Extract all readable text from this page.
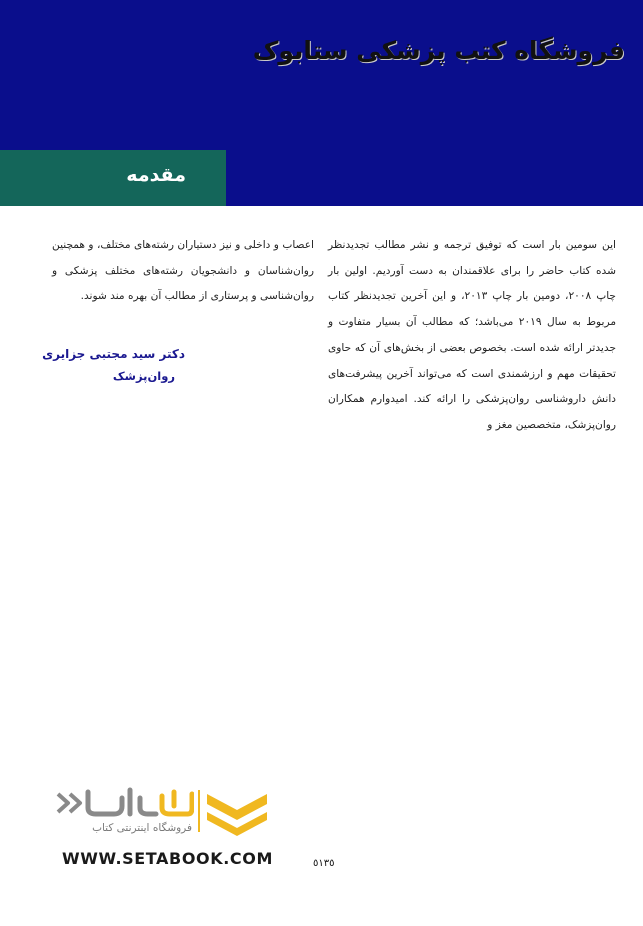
فروشگاه کتب پزشکی ستابوک
مقدمه

این سومین بار است که توفیق ترجمه و نشر مطالب تجدیدنظر شده کتاب حاضر را برای علاقمندان به دست آوردیم. اولین بار چاپ ۲۰۰۸، دومین بار چاپ ۲۰۱۳، و این آخرین تجدیدنظر کتاب مربوط به سال ۲۰۱۹ می‌باشد؛ که مطالب آن بسیار متفاوت و جدیدتر ارائه شده است. بخصوص بعضی از بخش‌های آن که حاوی تحقیقات مهم و ارزشمندی است که می‌تواند آخرین پیشرفت‌های دانش داروشناسی روان‌پزشکی را ارائه کند. امیدوارم همکاران روان‌پزشک، متخصصین مغز و

اعصاب و داخلی و نیز دستیاران رشته‌های مختلف، و همچنین روان‌شناسان و دانشجویان رشته‌های مختلف پزشکی و روان‌شناسی و پرستاری از مطالب آن بهره مند شوند.

دکتر سید مجتبی جزایری
روان‌پزشک
فروشگاه اینترنتی کتاب
WWW.SETABOOK.COM	٥١٣٥
